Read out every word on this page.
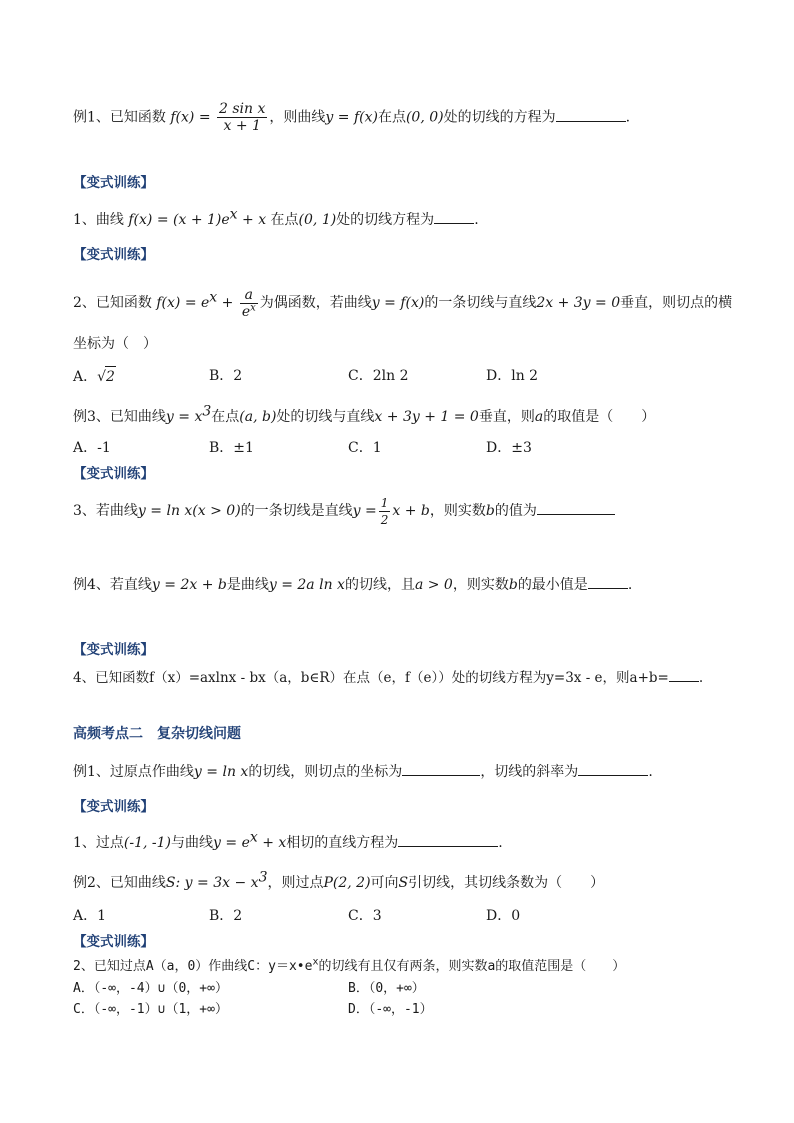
例1、已知函数 $f(x) = \frac{\text{2 sin x}}{x + 1}$ ，则曲线y = f(x)在点(0, 0)处的切线的方程为	.
【变式训练】
1、曲线 $f(x) = (x + 1)e^x + x$ 在点(0, 1)处的切线方程为	.
【变式训练】
2、已知函数 $f(x) = e^x + \frac{a}{e^x}$ 为偶函数，若曲线y = f(x)的一条切线与直线2x + 3y = 0垂直，则切点的横
坐标为（　）
A．√2	B．2	C．2ln 2	D．ln 2
例3、已知曲线$y = x^3$在点(a, b)处的切线与直线x + 3y + 1 = 0垂直，则a的取值是（　　）
A．-1	B．±1	C．1	D．±3
【变式训练】
3、若曲线y = ln x(x > 0)的一条切线是直线$y = \frac{1}{2}$ x + b，则实数b的值为
例4、若直线y = 2x + b是曲线y = 2a ln x的切线，且a > 0，则实数b的最小值是	.
【变式训练】
4、已知函数f（x）=axlnx - bx（a，b∈R）在点（e，f（e））处的切线方程为y=3x - e，则a+b= .
高频考点二　复杂切线问题
例1、过原点作曲线y = ln x的切线，则切点的坐标为	，切线的斜率为	.
【变式训练】
1、过点(-1, -1)与曲线$y = e^x + x$相切的直线方程为	.
例2、已知曲线S: $y = 3x - x^3$，则过点P(2, 2)可向S引切线，其切线条数为（　　）
A．1	B．2	C．3	D．0
【变式训练】
2、已知过点A（a，0）作曲线C：$y=x•e^x$的切线有且仅有两条，则实数a的取值范围是（　　）
A．（-∞，-4）∪（0，+∞）	B．（0，+∞）
C．（-∞，-1）∪（1，+∞）	D．（-∞，-1）
